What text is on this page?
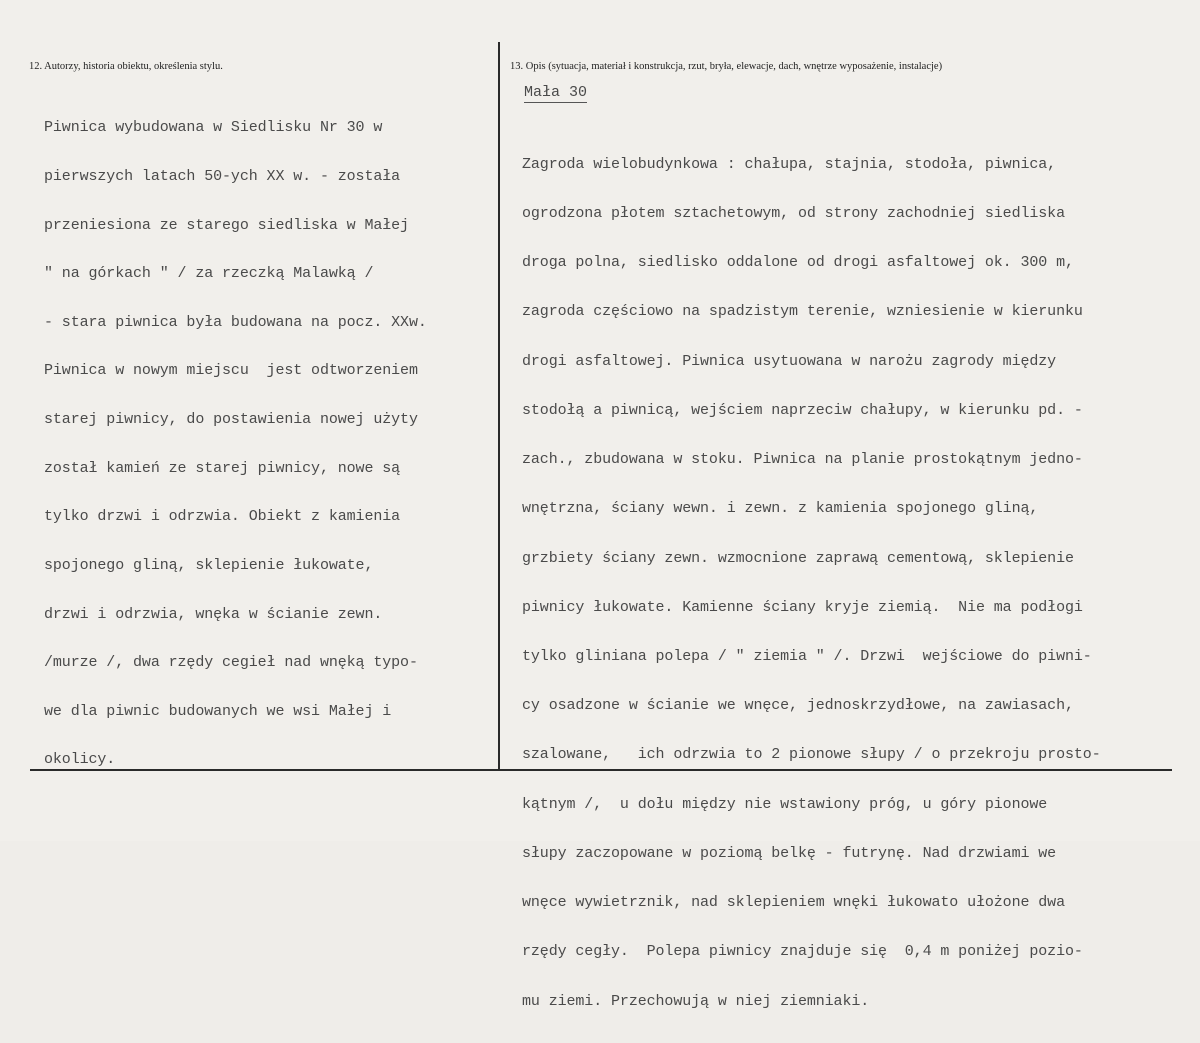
12. Autorzy, historia obiektu, określenia stylu.	13. Opis (sytuacja, materiał i konstrukcja, rzut, bryła, elewacje, dach, wnętrze wyposażenie, instalacje)

Piwnica wybudowana w Siedlisku Nr 30 w

pierwszych latach 50-ych XX w. - została

przeniesiona ze starego siedliska w Małej

" na górkach " / za rzeczką Malawką /

- stara piwnica była budowana na pocz. XXw.

Piwnica w nowym miejscu  jest odtworzeniem

starej piwnicy, do postawienia nowej użyty

został kamień ze starej piwnicy, nowe są

tylko drzwi i odrzwia. Obiekt z kamienia

spojonego gliną, sklepienie łukowate,

drzwi i odrzwia, wnęka w ścianie zewn.

/murze /, dwa rzędy cegieł nad wnęką typo-

we dla piwnic budowanych we wsi Małej i

okolicy.

Mała 30

Zagroda wielobudynkowa : chałupa, stajnia, stodoła, piwnica,

ogrodzona płotem sztachetowym, od strony zachodniej siedliska

droga polna, siedlisko oddalone od drogi asfaltowej ok. 300 m,

zagroda częściowo na spadzistym terenie, wzniesienie w kierunku

drogi asfaltowej. Piwnica usytuowana w narożu zagrody między

stodołą a piwnicą, wejściem naprzeciw chałupy, w kierunku pd. -

zach., zbudowana w stoku. Piwnica na planie prostokątnym jedno-

wnętrzna, ściany wewn. i zewn. z kamienia spojonego gliną,

grzbiety ściany zewn. wzmocnione zaprawą cementową, sklepienie

piwnicy łukowate. Kamienne ściany kryje ziemią.  Nie ma podłogi

tylko gliniana polepa / " ziemia " /. Drzwi  wejściowe do piwni-

cy osadzone w ścianie we wnęce, jednoskrzydłowe, na zawiasach,

szalowane,   ich odrzwia to 2 pionowe słupy / o przekroju prosto-

kątnym /,  u dołu między nie wstawiony próg, u góry pionowe

słupy zaczopowane w poziomą belkę - futrynę. Nad drzwiami we

wnęce wywietrznik, nad sklepieniem wnęki łukowato ułożone dwa

rzędy cegły.  Polepa piwnicy znajduje się  0,4 m poniżej pozio-

mu ziemi. Przechowują w niej ziemniaki.
